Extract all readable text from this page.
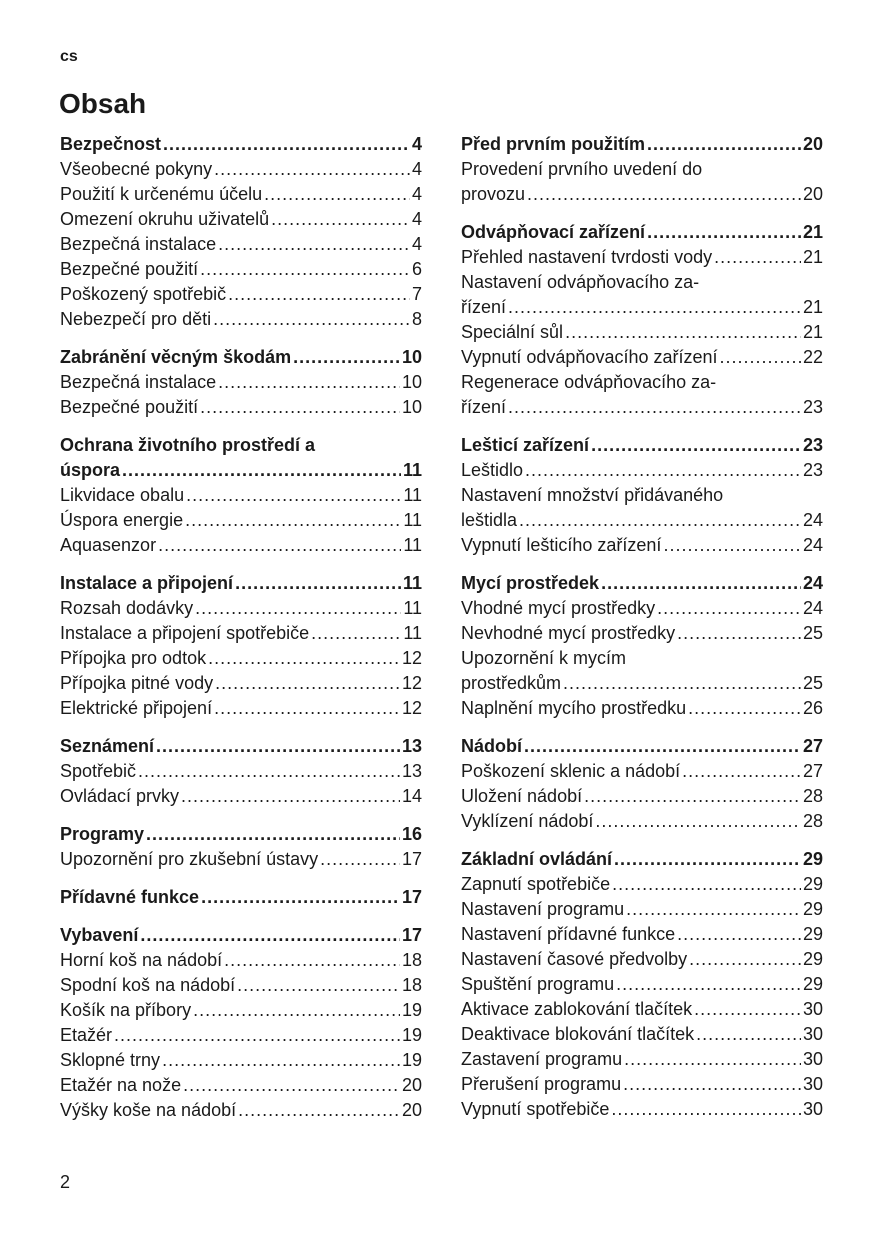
cs
Obsah
Bezpečnost .....	4
Všeobecné pokyny .....	4
Použití k určenému účelu .....	4
Omezení okruhu uživatelů .....	4
Bezpečná instalace .....	4
Bezpečné použití .....	6
Poškozený spotřebič .....	7
Nebezpečí pro děti .....	8
Zabránění věcným škodám .....	10
Bezpečná instalace .....	10
Bezpečné použití .....	10
Ochrana životního prostředí a
úspora .....	11
Likvidace obalu .....	11
Úspora energie .....	11
Aquasenzor .....	11
Instalace a připojení .....	11
Rozsah dodávky .....	11
Instalace a připojení spotřebiče .....	11
Přípojka pro odtok .....	12
Přípojka pitné vody .....	12
Elektrické připojení .....	12
Seznámení .....	13
Spotřebič .....	13
Ovládací prvky .....	14
Programy .....	16
Upozornění pro zkušební ústavy .....	17
Přídavné funkce .....	17
Vybavení .....	17
Horní koš na nádobí .....	18
Spodní koš na nádobí .....	18
Košík na příbory .....	19
Etažér .....	19
Sklopné trny .....	19
Etažér na nože .....	20
Výšky koše na nádobí .....	20
Před prvním použitím .....	20
Provedení prvního uvedení do
provozu .....	20
Odvápňovací zařízení .....	21
Přehled nastavení tvrdosti vody .....	21
Nastavení odvápňovacího za-
řízení .....	21
Speciální sůl .....	21
Vypnutí odvápňovacího zařízení .....	22
Regenerace odvápňovacího za-
řízení .....	23
Lešticí zařízení .....	23
Leštidlo .....	23
Nastavení množství přidávaného
leštidla .....	24
Vypnutí lešticího zařízení .....	24
Mycí prostředek .....	24
Vhodné mycí prostředky .....	24
Nevhodné mycí prostředky .....	25
Upozornění k mycím
prostředkům .....	25
Naplnění mycího prostředku .....	26
Nádobí .....	27
Poškození sklenic a nádobí .....	27
Uložení nádobí .....	28
Vyklízení nádobí .....	28
Základní ovládání .....	29
Zapnutí spotřebiče .....	29
Nastavení programu .....	29
Nastavení přídavné funkce .....	29
Nastavení časové předvolby .....	29
Spuštění programu .....	29
Aktivace zablokování tlačítek .....	30
Deaktivace blokování tlačítek .....	30
Zastavení programu .....	30
Přerušení programu .....	30
Vypnutí spotřebiče .....	30
2
